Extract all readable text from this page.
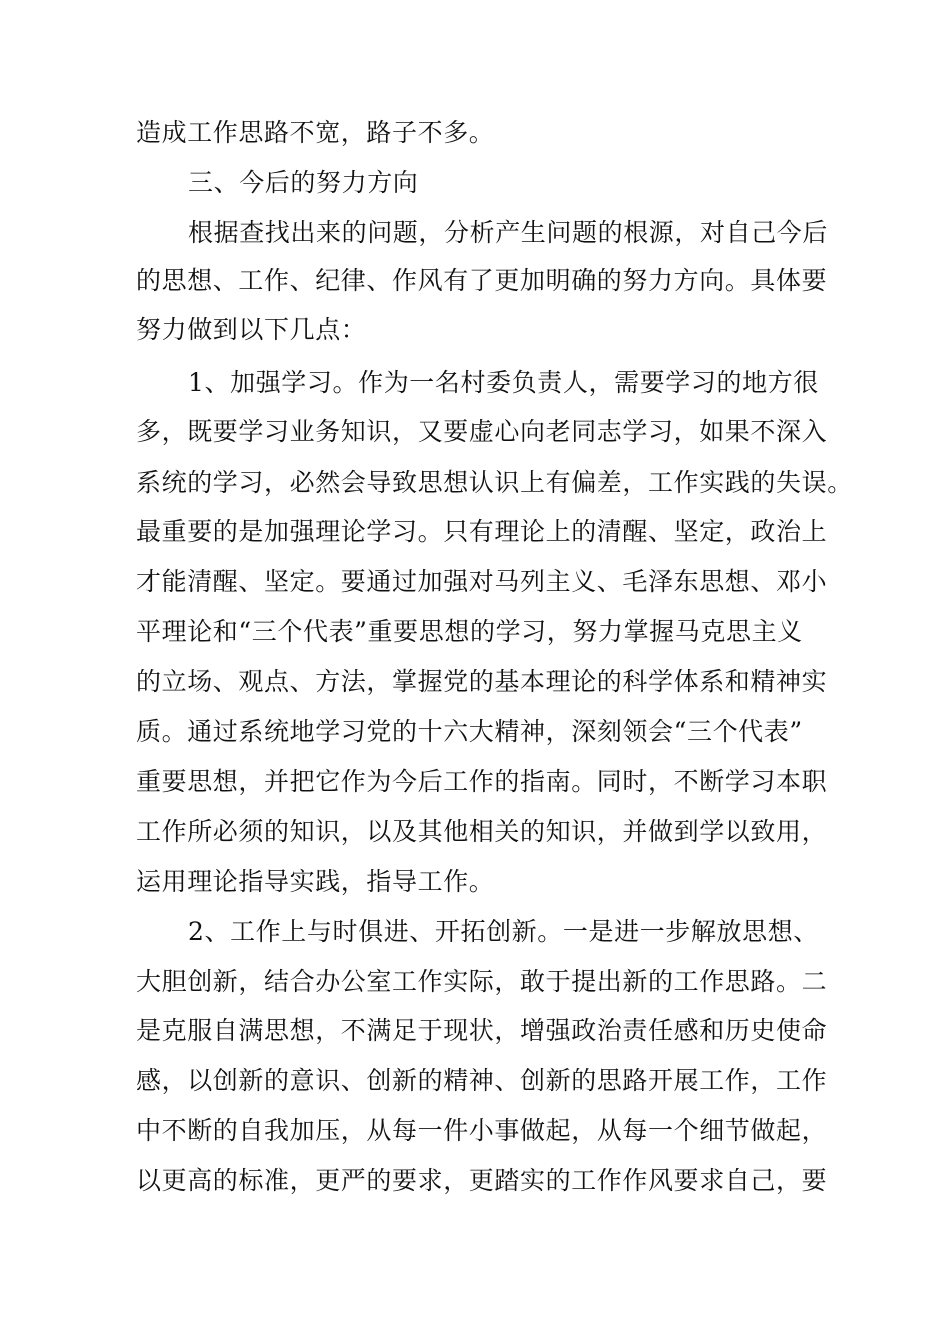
造成工作思路不宽，路子不多。

三、今后的努力方向

根据查找出来的问题，分析产生问题的根源，对自己今后

的思想、工作、纪律、作风有了更加明确的努力方向。具体要

努力做到以下几点：

1、加强学习。作为一名村委负责人，需要学习的地方很

多，既要学习业务知识，又要虚心向老同志学习，如果不深入

系统的学习，必然会导致思想认识上有偏差，工作实践的失误。

最重要的是加强理论学习。只有理论上的清醒、坚定，政治上

才能清醒、坚定。要通过加强对马列主义、毛泽东思想、邓小

平理论和“三个代表”重要思想的学习，努力掌握马克思主义

的立场、观点、方法，掌握党的基本理论的科学体系和精神实

质。通过系统地学习党的十六大精神，深刻领会“三个代表”

重要思想，并把它作为今后工作的指南。同时，不断学习本职

工作所必须的知识，以及其他相关的知识，并做到学以致用，

运用理论指导实践，指导工作。

2、工作上与时俱进、开拓创新。一是进一步解放思想、

大胆创新，结合办公室工作实际，敢于提出新的工作思路。二

是克服自满思想，不满足于现状，增强政治责任感和历史使命

感，以创新的意识、创新的精神、创新的思路开展工作，工作

中不断的自我加压，从每一件小事做起，从每一个细节做起，

以更高的标准，更严的要求，更踏实的工作作风要求自己，要
